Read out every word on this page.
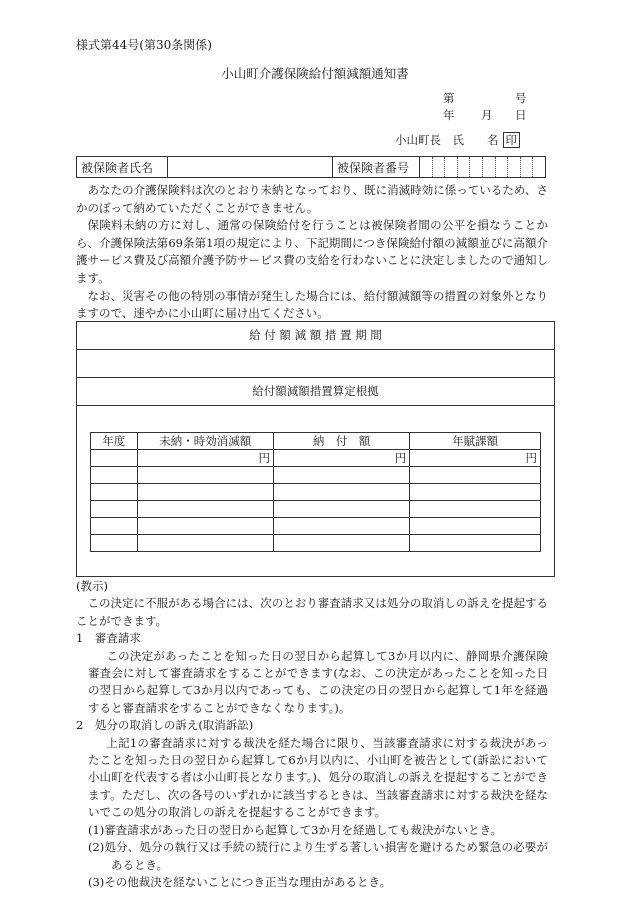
様式第44号(第30条関係)
小山町介護保険給付額減額通知書
第	号
年 月 日
小山町長　氏　　名 印
被保険者氏名		被保険者番号	

あなたの介護保険料は次のとおり未納となっており、既に消滅時効に係っているため、さかのぼって納めていただくことができません。

保険料未納の方に対し、通常の保険給付を行うことは被保険者間の公平を損なうことから、介護保険法第69条第1項の規定により、下記期間につき保険給付額の減額並びに高額介護サービス費及び高額介護予防サービス費の支給を行わないことに決定しましたので通知します。

なお、災害その他の特別の事情が発生した場合には、給付額減額等の措置の対象外となりますので、速やかに小山町に届け出てください。

給 付 額 減 額 措 置 期 間
給付額減額措置算定根拠
年度	未納・時効消滅額	納　付　額	年賦課額
	円	円	円

(教示)

この決定に不服がある場合には、次のとおり審査請求又は処分の取消しの訴えを提起することができます。

1　審査請求

この決定があったことを知った日の翌日から起算して3か月以内に、静岡県介護保険審査会に対して審査請求をすることができます(なお、この決定があったことを知った日の翌日から起算して3か月以内であっても、この決定の日の翌日から起算して1年を経過すると審査請求をすることができなくなります。)。

2　処分の取消しの訴え(取消訴訟)

上記1の審査請求に対する裁決を経た場合に限り、当該審査請求に対する裁決があったことを知った日の翌日から起算して6か月以内に、小山町を被告として(訴訟において小山町を代表する者は小山町長となります。)、処分の取消しの訴えを提起することができます。ただし、次の各号のいずれかに該当するときは、当該審査請求に対する裁決を経ないでこの処分の取消しの訴えを提起することができます。

(1)審査請求があった日の翌日から起算して3か月を経過しても裁決がないとき。
(2)処分、処分の執行又は手続の続行により生ずる著しい損害を避けるため緊急の必要があるとき。
(3)その他裁決を経ないことにつき正当な理由があるとき。
